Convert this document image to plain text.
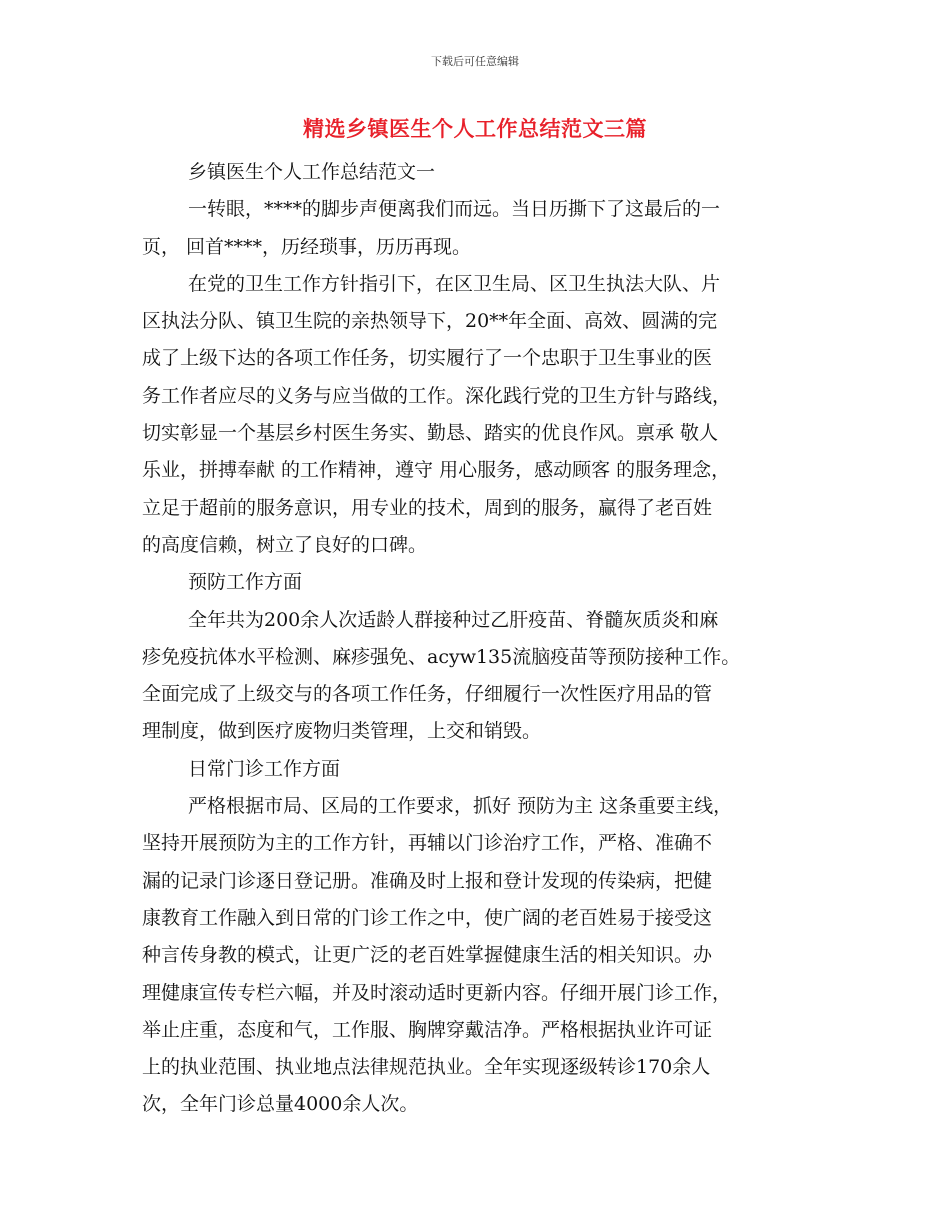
下载后可任意编辑
精选乡镇医生个人工作总结范文三篇
乡镇医生个人工作总结范文一
一转眼，****的脚步声便离我们而远。当日历撕下了这最后的一
页， 回首****，历经琐事，历历再现。
在党的卫生工作方针指引下，在区卫生局、区卫生执法大队、片
区执法分队、镇卫生院的亲热领导下，20**年全面、高效、圆满的完
成了上级下达的各项工作任务，切实履行了一个忠职于卫生事业的医
务工作者应尽的义务与应当做的工作。深化践行党的卫生方针与路线，
切实彰显一个基层乡村医生务实、勤恳、踏实的优良作风。禀承 敬人
乐业，拼搏奉献 的工作精神，遵守 用心服务，感动顾客 的服务理念，
立足于超前的服务意识，用专业的技术，周到的服务，赢得了老百姓
的高度信赖，树立了良好的口碑。
预防工作方面
全年共为200余人次适龄人群接种过乙肝疫苗、脊髓灰质炎和麻
疹免疫抗体水平检测、麻疹强免、acyw135流脑疫苗等预防接种工作。
全面完成了上级交与的各项工作任务，仔细履行一次性医疗用品的管
理制度，做到医疗废物归类管理，上交和销毁。
日常门诊工作方面
严格根据市局、区局的工作要求，抓好 预防为主 这条重要主线，
坚持开展预防为主的工作方针，再辅以门诊治疗工作，严格、准确不
漏的记录门诊逐日登记册。准确及时上报和登计发现的传染病，把健
康教育工作融入到日常的门诊工作之中，使广阔的老百姓易于接受这
种言传身教的模式，让更广泛的老百姓掌握健康生活的相关知识。办
理健康宣传专栏六幅，并及时滚动适时更新内容。仔细开展门诊工作，
举止庄重，态度和气，工作服、胸牌穿戴洁净。严格根据执业许可证
上的执业范围、执业地点法律规范执业。全年实现逐级转诊170余人
次，全年门诊总量4000余人次。
